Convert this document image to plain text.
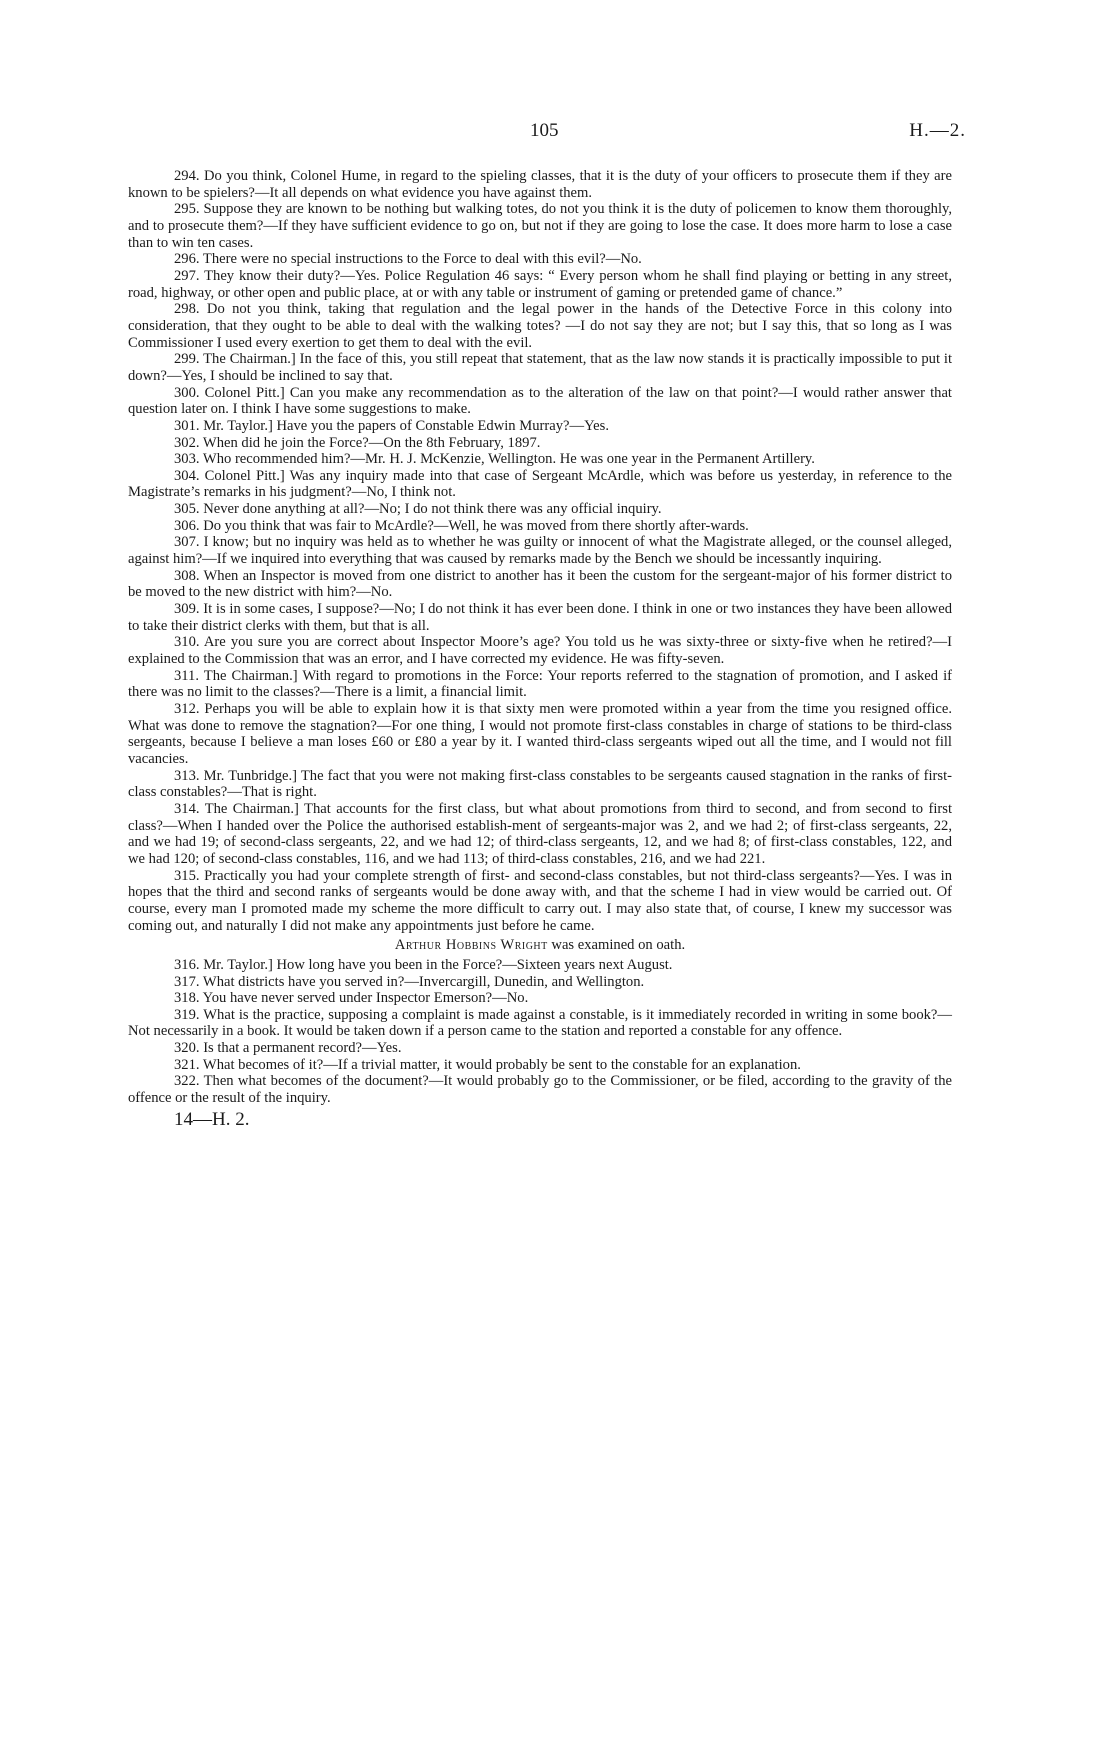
105	H.—2.

294. Do you think, Colonel Hume, in regard to the spieling classes, that it is the duty of your officers to prosecute them if they are known to be spielers?—It all depends on what evidence you have against them.

295. Suppose they are known to be nothing but walking totes, do not you think it is the duty of policemen to know them thoroughly, and to prosecute them?—If they have sufficient evidence to go on, but not if they are going to lose the case. It does more harm to lose a case than to win ten cases.

296. There were no special instructions to the Force to deal with this evil?—No.

297. They know their duty?—Yes. Police Regulation 46 says: “ Every person whom he shall find playing or betting in any street, road, highway, or other open and public place, at or with any table or instrument of gaming or pretended game of chance.”

298. Do not you think, taking that regulation and the legal power in the hands of the Detective Force in this colony into consideration, that they ought to be able to deal with the walking totes? —I do not say they are not; but I say this, that so long as I was Commissioner I used every exertion to get them to deal with the evil.

299. The Chairman.] In the face of this, you still repeat that statement, that as the law now stands it is practically impossible to put it down?—Yes, I should be inclined to say that.

300. Colonel Pitt.] Can you make any recommendation as to the alteration of the law on that point?—I would rather answer that question later on. I think I have some suggestions to make.

301. Mr. Taylor.] Have you the papers of Constable Edwin Murray?—Yes.

302. When did he join the Force?—On the 8th February, 1897.

303. Who recommended him?—Mr. H. J. McKenzie, Wellington. He was one year in the Permanent Artillery.

304. Colonel Pitt.] Was any inquiry made into that case of Sergeant McArdle, which was before us yesterday, in reference to the Magistrate’s remarks in his judgment?—No, I think not.

305. Never done anything at all?—No; I do not think there was any official inquiry.

306. Do you think that was fair to McArdle?—Well, he was moved from there shortly after-wards.

307. I know; but no inquiry was held as to whether he was guilty or innocent of what the Magistrate alleged, or the counsel alleged, against him?—If we inquired into everything that was caused by remarks made by the Bench we should be incessantly inquiring.

308. When an Inspector is moved from one district to another has it been the custom for the sergeant-major of his former district to be moved to the new district with him?—No.

309. It is in some cases, I suppose?—No; I do not think it has ever been done. I think in one or two instances they have been allowed to take their district clerks with them, but that is all.

310. Are you sure you are correct about Inspector Moore’s age? You told us he was sixty-three or sixty-five when he retired?—I explained to the Commission that was an error, and I have corrected my evidence. He was fifty-seven.

311. The Chairman.] With regard to promotions in the Force: Your reports referred to the stagnation of promotion, and I asked if there was no limit to the classes?—There is a limit, a financial limit.

312. Perhaps you will be able to explain how it is that sixty men were promoted within a year from the time you resigned office. What was done to remove the stagnation?—For one thing, I would not promote first-class constables in charge of stations to be third-class sergeants, because I believe a man loses £60 or £80 a year by it. I wanted third-class sergeants wiped out all the time, and I would not fill vacancies.

313. Mr. Tunbridge.] The fact that you were not making first-class constables to be sergeants caused stagnation in the ranks of first-class constables?—That is right.

314. The Chairman.] That accounts for the first class, but what about promotions from third to second, and from second to first class?—When I handed over the Police the authorised establish-ment of sergeants-major was 2, and we had 2; of first-class sergeants, 22, and we had 19; of second-class sergeants, 22, and we had 12; of third-class sergeants, 12, and we had 8; of first-class constables, 122, and we had 120; of second-class constables, 116, and we had 113; of third-class constables, 216, and we had 221.

315. Practically you had your complete strength of first- and second-class constables, but not third-class sergeants?—Yes. I was in hopes that the third and second ranks of sergeants would be done away with, and that the scheme I had in view would be carried out. Of course, every man I promoted made my scheme the more difficult to carry out. I may also state that, of course, I knew my successor was coming out, and naturally I did not make any appointments just before he came.

Arthur Hobbins Wright was examined on oath.

316. Mr. Taylor.] How long have you been in the Force?—Sixteen years next August.

317. What districts have you served in?—Invercargill, Dunedin, and Wellington.

318. You have never served under Inspector Emerson?—No.

319. What is the practice, supposing a complaint is made against a constable, is it immediately recorded in writing in some book?—Not necessarily in a book. It would be taken down if a person came to the station and reported a constable for any offence.

320. Is that a permanent record?—Yes.

321. What becomes of it?—If a trivial matter, it would probably be sent to the constable for an explanation.

322. Then what becomes of the document?—It would probably go to the Commissioner, or be filed, according to the gravity of the offence or the result of the inquiry.

14—H. 2.
